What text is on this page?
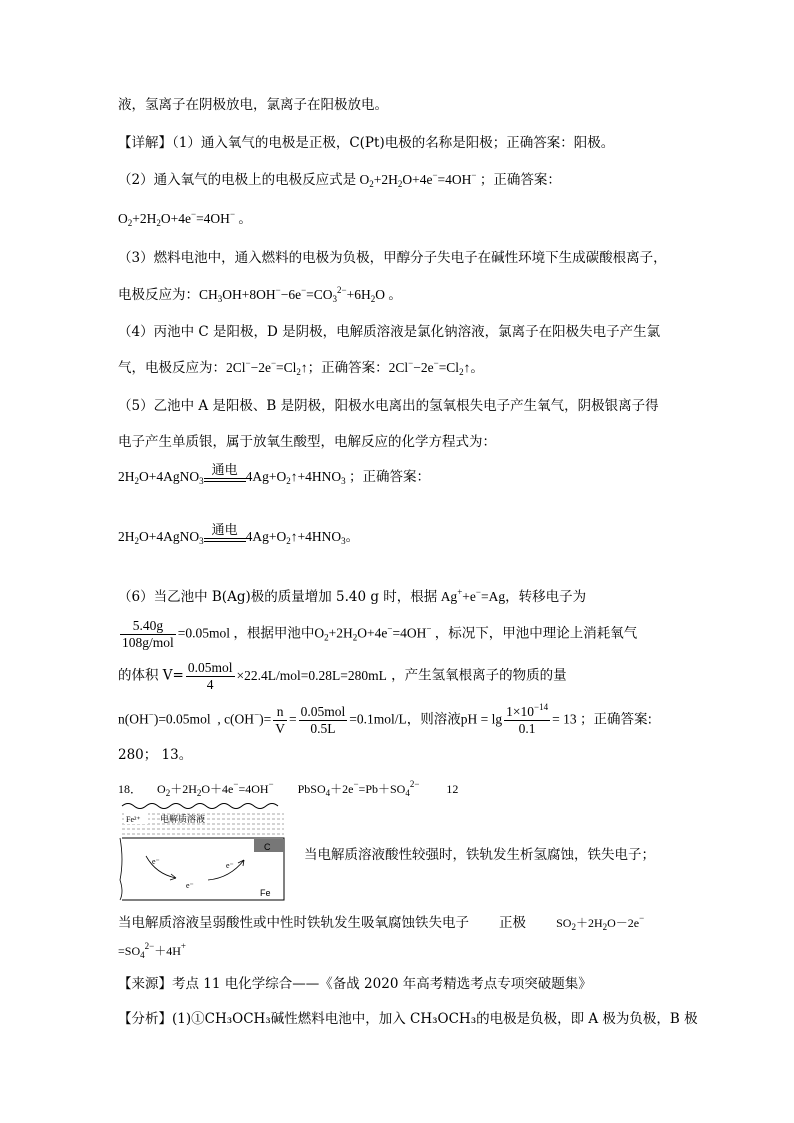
液，氢离子在阴极放电，氯离子在阳极放电。
【详解】（1）通入氧气的电极是正极，C(Pt)电极的名称是阳极；正确答案：阳极。
（2）通入氧气的电极上的电极反应式是 $O_2+2H_2O+4e^-=4OH^-$ ；正确答案：
$O_2+2H_2O+4e^-=4OH^-$ 。
（3）燃料电池中，通入燃料的电极为负极，甲醇分子失电子在碱性环境下生成碳酸根离子，
电极反应为：$CH_3OH+8OH^--6e^-=CO_3^{2-}+6H_2O$ 。
（4）丙池中 C 是阳极，D 是阴极，电解质溶液是氯化钠溶液，氯离子在阳极失电子产生氯
气，电极反应为：$2Cl^--2e^-=Cl_2↑$；正确答案：$2Cl^--2e^-=Cl_2↑$。
（5）乙池中 A 是阳极、B 是阴极，阳极水电离出的氢氧根失电子产生氧气，阴极银离子得
电子产生单质银，属于放氧生酸型，电解反应的化学方程式为：
$2H_2O+4AgNO_3$
通电 $4Ag+O_2↑+4HNO_3$ ；正确答案：
$2H_2O+4AgNO_3$
通电 $4Ag+O_2↑+4HNO_3$。
（6）当乙池中 B(Ag)极的质量增加 5.40 g 时，根据 Ag++e−=Ag，转移电子为
$\frac{5.40g}{\text{108g/mol}} =0.05mol$ ，根据甲池中$O_2+2H_2O+4e^-=4OH^-$ ，标况下，甲池中理论上消耗氧气
的体积 $V= \frac{\text{0.05mol}}{4} \times 22.4L/mol=0.28L=280mL$ ，产生氢氧根离子的物质的量
n(OH−)=0.05mol  , $c(OH^-)= \frac{n}{V} = \frac{\text{0.05mol}}{0.5L} =0.1mol/L$，则溶液pH = $\lg \frac{1\times 10^{-14}}{0.1} = 13$ ；正确答案:
280； 13。
18．     $O_2+2H_2O+4e^-=4OH^-$        $PbSO_4+2e^-=Pb+SO_4^{2-}$ 12
Fe²⁺ 电解质溶液
C
e⁻
e⁻
e⁻
Fe
当电解质溶液酸性较强时，铁轨发生析氢腐蚀，铁失电子；
当电解质溶液呈弱酸性或中性时铁轨发生吸氧腐蚀铁失电子 正极	$SO_2+2H_2O-2e^-$
$=SO_4^{2-}+4H^+$
【来源】考点 11 电化学综合——《备战 2020 年高考精选考点专项突破题集》
【分析】(1)①CH₃OCH₃碱性燃料电池中，加入 CH₃OCH₃的电极是负极，即 A 极为负极，B 极
